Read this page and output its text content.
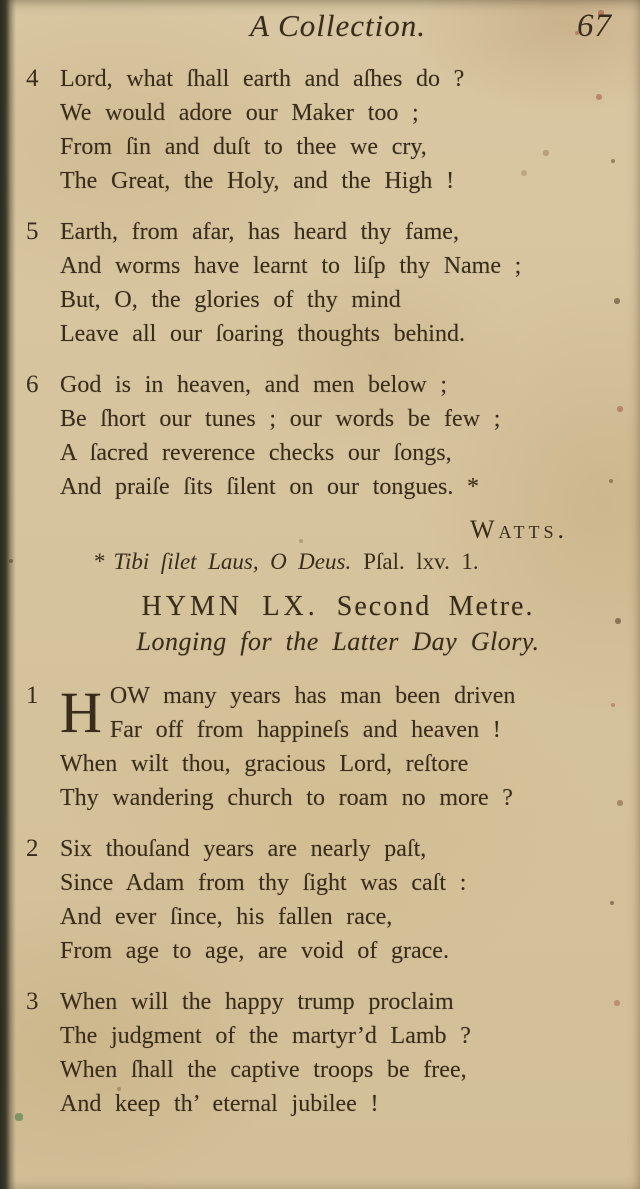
A Collection.	67
4 Lord, what ſhall earth and aſhes do ?
We would adore our Maker too ;
From ſin and duſt to thee we cry,
The Great, the Holy, and the High !
5 Earth, from afar, has heard thy fame,
And worms have learnt to liſp thy Name ;
But, O, the glories of thy mind
Leave all our ſoaring thoughts behind.
6 God is in heaven, and men below ;
Be ſhort our tunes ; our words be few ;
A ſacred reverence checks our ſongs,
And praiſe ſits ſilent on our tongues. *
Watts.
* Tibi ſilet Laus, O Deus. Pſal. lxv. 1.
HYMN LX. Second Metre.
Longing for the Latter Day Glory.
1 H OW many years has man been driven
Far off from happineſs and heaven !
When wilt thou, gracious Lord, reſtore
Thy wandering church to roam no more ?
2 Six thouſand years are nearly paſt,
Since Adam from thy ſight was caſt :
And ever ſince, his fallen race,
From age to age, are void of grace.
3 When will the happy trump proclaim
The judgment of the martyr’d Lamb ?
When ſhall the captive troops be free,
And keep th’ eternal jubilee !
